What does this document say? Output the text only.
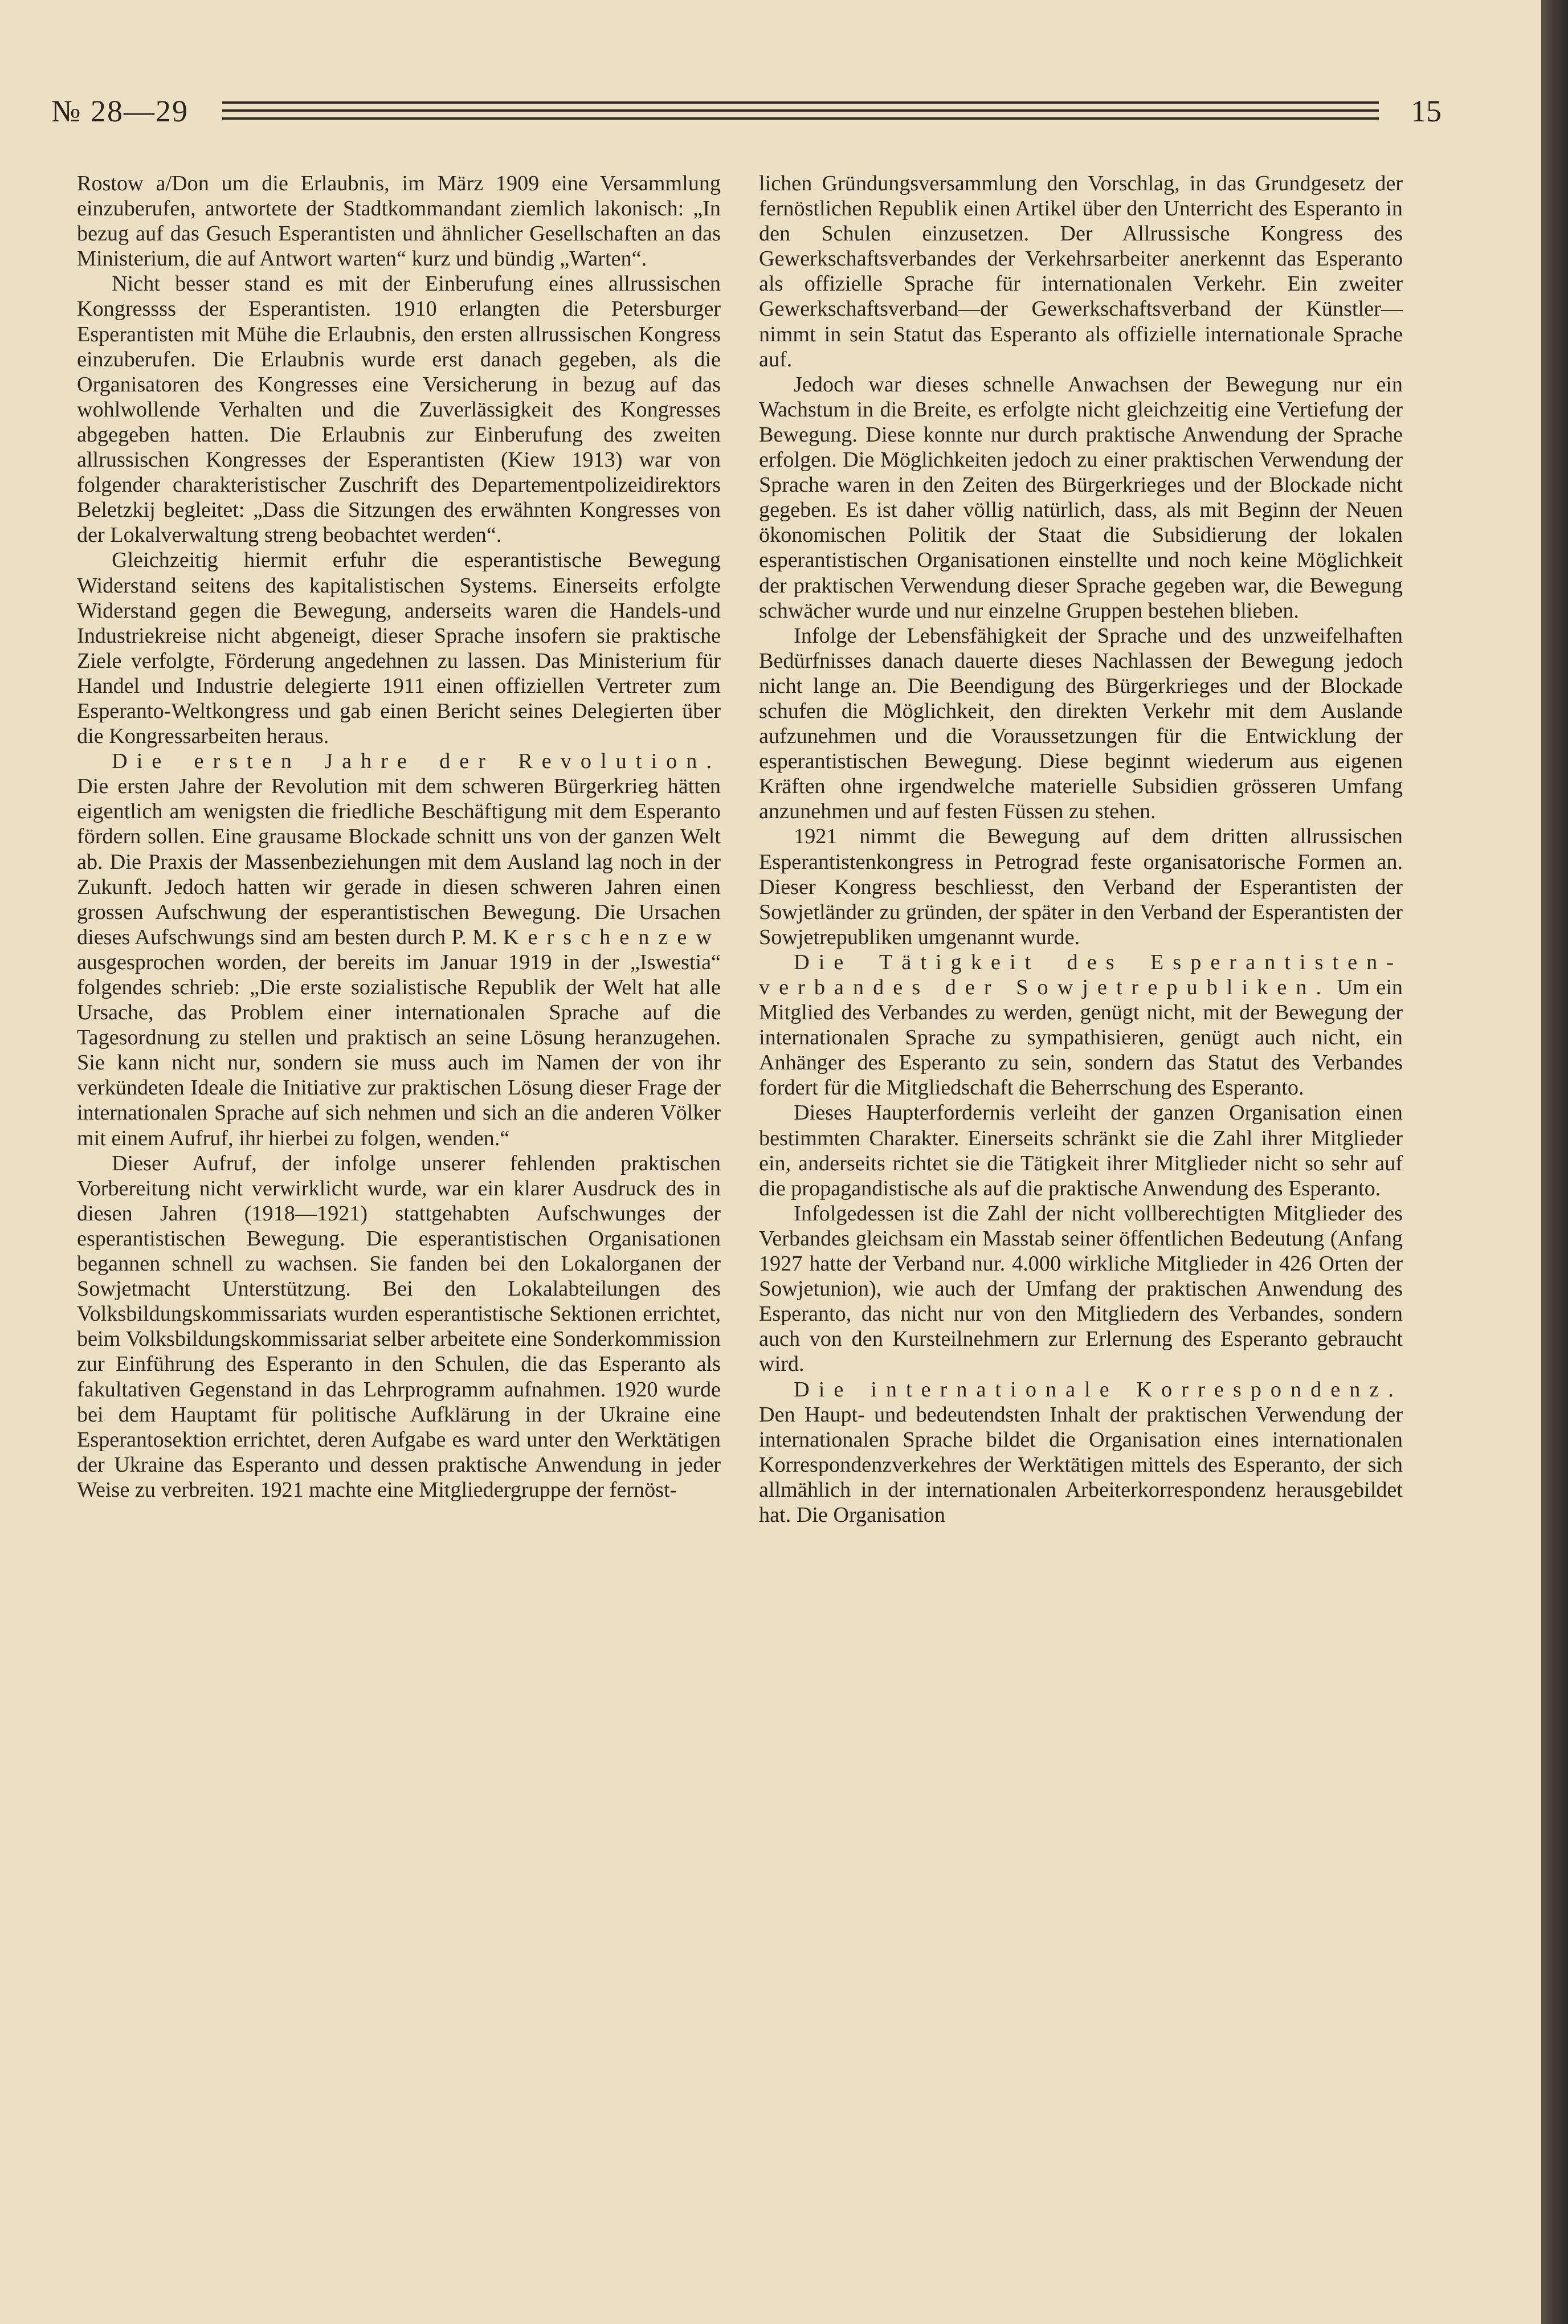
№ 28—29	15

Rostow a/Don um die Erlaubnis, im März 1909 eine Versammlung einzuberufen, antwortete der Stadtkommandant ziemlich lakonisch: „In bezug auf das Gesuch Esperantisten und ähnlicher Gesellschaften an das Ministerium, die auf Antwort warten“ kurz und bündig „Warten“.

Nicht besser stand es mit der Einberufung eines allrussischen Kongressss der Esperantisten. 1910 erlangten die Petersburger Esperantisten mit Mühe die Erlaubnis, den ersten allrussischen Kongress einzuberufen. Die Erlaubnis wurde erst danach gegeben, als die Organisatoren des Kongresses eine Versicherung in bezug auf das wohlwollende Verhalten und die Zuverlässigkeit des Kongresses abgegeben hatten. Die Erlaubnis zur Einberufung des zweiten allrussischen Kongresses der Esperantisten (Kiew 1913) war von folgender charakteristischer Zuschrift des Departementpolizeidirektors Beletzkij begleitet: „Dass die Sitzungen des erwähnten Kongresses von der Lokalverwaltung streng beobachtet werden“.

Gleichzeitig hiermit erfuhr die esperantistische Bewegung Widerstand seitens des kapitalistischen Systems. Einerseits erfolgte Widerstand gegen die Bewegung, anderseits waren die Handels-und Industriekreise nicht abgeneigt, dieser Sprache insofern sie praktische Ziele verfolgte, Förderung angedehnen zu lassen. Das Ministerium für Handel und Industrie delegierte 1911 einen offiziellen Vertreter zum Esperanto-Weltkongress und gab einen Bericht seines Delegierten über die Kongressarbeiten heraus.

Die ersten Jahre der Revolution. Die ersten Jahre der Revolution mit dem schweren Bürgerkrieg hätten eigentlich am wenigsten die friedliche Beschäftigung mit dem Esperanto fördern sollen. Eine grausame Blockade schnitt uns von der ganzen Welt ab. Die Praxis der Massenbeziehungen mit dem Ausland lag noch in der Zukunft. Jedoch hatten wir gerade in diesen schweren Jahren einen grossen Aufschwung der esperantistischen Bewegung. Die Ursachen dieses Aufschwungs sind am besten durch P. M. Kerschenzew ausgesprochen worden, der bereits im Januar 1919 in der „Iswestia“ folgendes schrieb: „Die erste sozialistische Republik der Welt hat alle Ursache, das Problem einer internationalen Sprache auf die Tagesordnung zu stellen und praktisch an seine Lösung heranzugehen. Sie kann nicht nur, sondern sie muss auch im Namen der von ihr verkündeten Ideale die Initiative zur praktischen Lösung dieser Frage der internationalen Sprache auf sich nehmen und sich an die anderen Völker mit einem Aufruf, ihr hierbei zu folgen, wenden.“

Dieser Aufruf, der infolge unserer fehlenden praktischen Vorbereitung nicht verwirklicht wurde, war ein klarer Ausdruck des in diesen Jahren (1918—1921) stattgehabten Aufschwunges der esperantistischen Bewegung. Die esperantistischen Organisationen begannen schnell zu wachsen. Sie fanden bei den Lokalorganen der Sowjetmacht Unterstützung. Bei den Lokalabteilungen des Volksbildungskommissariats wurden esperantistische Sektionen errichtet, beim Volksbildungskommissariat selber arbeitete eine Sonderkommission zur Einführung des Esperanto in den Schulen, die das Esperanto als fakultativen Gegenstand in das Lehrprogramm aufnahmen. 1920 wurde bei dem Hauptamt für politische Aufklärung in der Ukraine eine Esperantosektion errichtet, deren Aufgabe es ward unter den Werktätigen der Ukraine das Esperanto und dessen praktische Anwendung in jeder Weise zu verbreiten. 1921 machte eine Mitgliedergruppe der fernöst-

lichen Gründungsversammlung den Vorschlag, in das Grundgesetz der fernöstlichen Republik einen Artikel über den Unterricht des Esperanto in den Schulen einzusetzen. Der Allrussische Kongress des Gewerkschaftsverbandes der Verkehrsarbeiter anerkennt das Esperanto als offizielle Sprache für internationalen Verkehr. Ein zweiter Gewerkschaftsverband—der Gewerkschaftsverband der Künstler—nimmt in sein Statut das Esperanto als offizielle internationale Sprache auf.

Jedoch war dieses schnelle Anwachsen der Bewegung nur ein Wachstum in die Breite, es erfolgte nicht gleichzeitig eine Vertiefung der Bewegung. Diese konnte nur durch praktische Anwendung der Sprache erfolgen. Die Möglichkeiten jedoch zu einer praktischen Verwendung der Sprache waren in den Zeiten des Bürgerkrieges und der Blockade nicht gegeben. Es ist daher völlig natürlich, dass, als mit Beginn der Neuen ökonomischen Politik der Staat die Subsidierung der lokalen esperantistischen Organisationen einstellte und noch keine Möglichkeit der praktischen Verwendung dieser Sprache gegeben war, die Bewegung schwächer wurde und nur einzelne Gruppen bestehen blieben.

Infolge der Lebensfähigkeit der Sprache und des unzweifelhaften Bedürfnisses danach dauerte dieses Nachlassen der Bewegung jedoch nicht lange an. Die Beendigung des Bürgerkrieges und der Blockade schufen die Möglichkeit, den direkten Verkehr mit dem Auslande aufzunehmen und die Voraussetzungen für die Entwicklung der esperantistischen Bewegung. Diese beginnt wiederum aus eigenen Kräften ohne irgendwelche materielle Subsidien grösseren Umfang anzunehmen und auf festen Füssen zu stehen.

1921 nimmt die Bewegung auf dem dritten allrussischen Esperantistenkongress in Petrograd feste organisatorische Formen an. Dieser Kongress beschliesst, den Verband der Esperantisten der Sowjetländer zu gründen, der später in den Verband der Esperantisten der Sowjetrepubliken umgenannt wurde.

Die Tätigkeit des Esperantisten-verbandes der Sowjetrepubliken. Um ein Mitglied des Verbandes zu werden, genügt nicht, mit der Bewegung der internationalen Sprache zu sympathisieren, genügt auch nicht, ein Anhänger des Esperanto zu sein, sondern das Statut des Verbandes fordert für die Mitgliedschaft die Beherrschung des Esperanto.

Dieses Haupterfordernis verleiht der ganzen Organisation einen bestimmten Charakter. Einerseits schränkt sie die Zahl ihrer Mitglieder ein, anderseits richtet sie die Tätigkeit ihrer Mitglieder nicht so sehr auf die propagandistische als auf die praktische Anwendung des Esperanto.

Infolgedessen ist die Zahl der nicht vollberechtigten Mitglieder des Verbandes gleichsam ein Masstab seiner öffentlichen Bedeutung (Anfang 1927 hatte der Verband nur. 4.000 wirkliche Mitglieder in 426 Orten der Sowjetunion), wie auch der Umfang der praktischen Anwendung des Esperanto, das nicht nur von den Mitgliedern des Verbandes, sondern auch von den Kursteilnehmern zur Erlernung des Esperanto gebraucht wird.

Die internationale Korrespondenz. Den Haupt- und bedeutendsten Inhalt der praktischen Verwendung der internationalen Sprache bildet die Organisation eines internationalen Korrespondenzverkehres der Werktätigen mittels des Esperanto, der sich allmählich in der internationalen Arbeiterkorrespondenz herausgebildet hat. Die Organisation
